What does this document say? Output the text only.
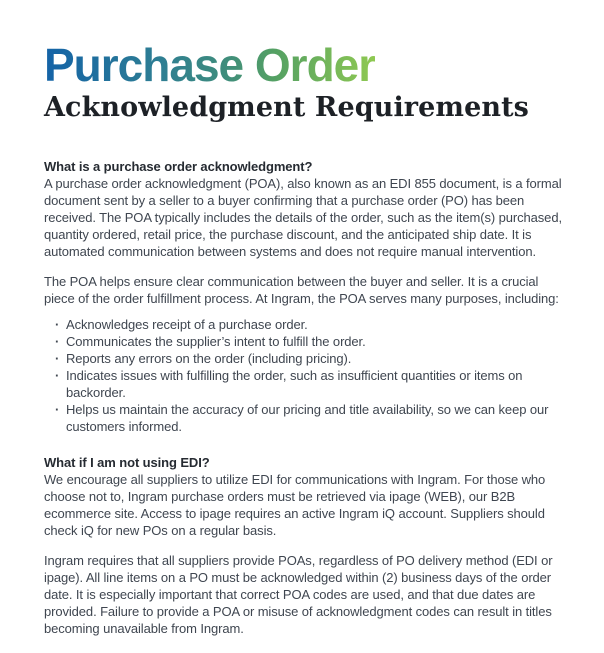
Purchase Order
Acknowledgment Requirements
What is a purchase order acknowledgment?

A purchase order acknowledgment (POA), also known as an EDI 855 document, is a formal document sent by a seller to a buyer confirming that a purchase order (PO) has been received. The POA typically includes the details of the order, such as the item(s) purchased, quantity ordered, retail price, the purchase discount, and the anticipated ship date. It is automated communication between systems and does not require manual intervention.

The POA helps ensure clear communication between the buyer and seller. It is a crucial piece of the order fulfillment process. At Ingram, the POA serves many purposes, including:

· Acknowledges receipt of a purchase order.
· Communicates the supplier’s intent to fulfill the order.
· Reports any errors on the order (including pricing).
· Indicates issues with fulfilling the order, such as insufficient quantities or items on backorder.
· Helps us maintain the accuracy of our pricing and title availability, so we can keep our customers informed.
What if I am not using EDI?

We encourage all suppliers to utilize EDI for communications with Ingram. For those who choose not to, Ingram purchase orders must be retrieved via ipage (WEB), our B2B ecommerce site. Access to ipage requires an active Ingram iQ account. Suppliers should check iQ for new POs on a regular basis.

Ingram requires that all suppliers provide POAs, regardless of PO delivery method (EDI or ipage). All line items on a PO must be acknowledged within (2) business days of the order date. It is especially important that correct POA codes are used, and that due dates are provided. Failure to provide a POA or misuse of acknowledgment codes can result in titles becoming unavailable from Ingram.
